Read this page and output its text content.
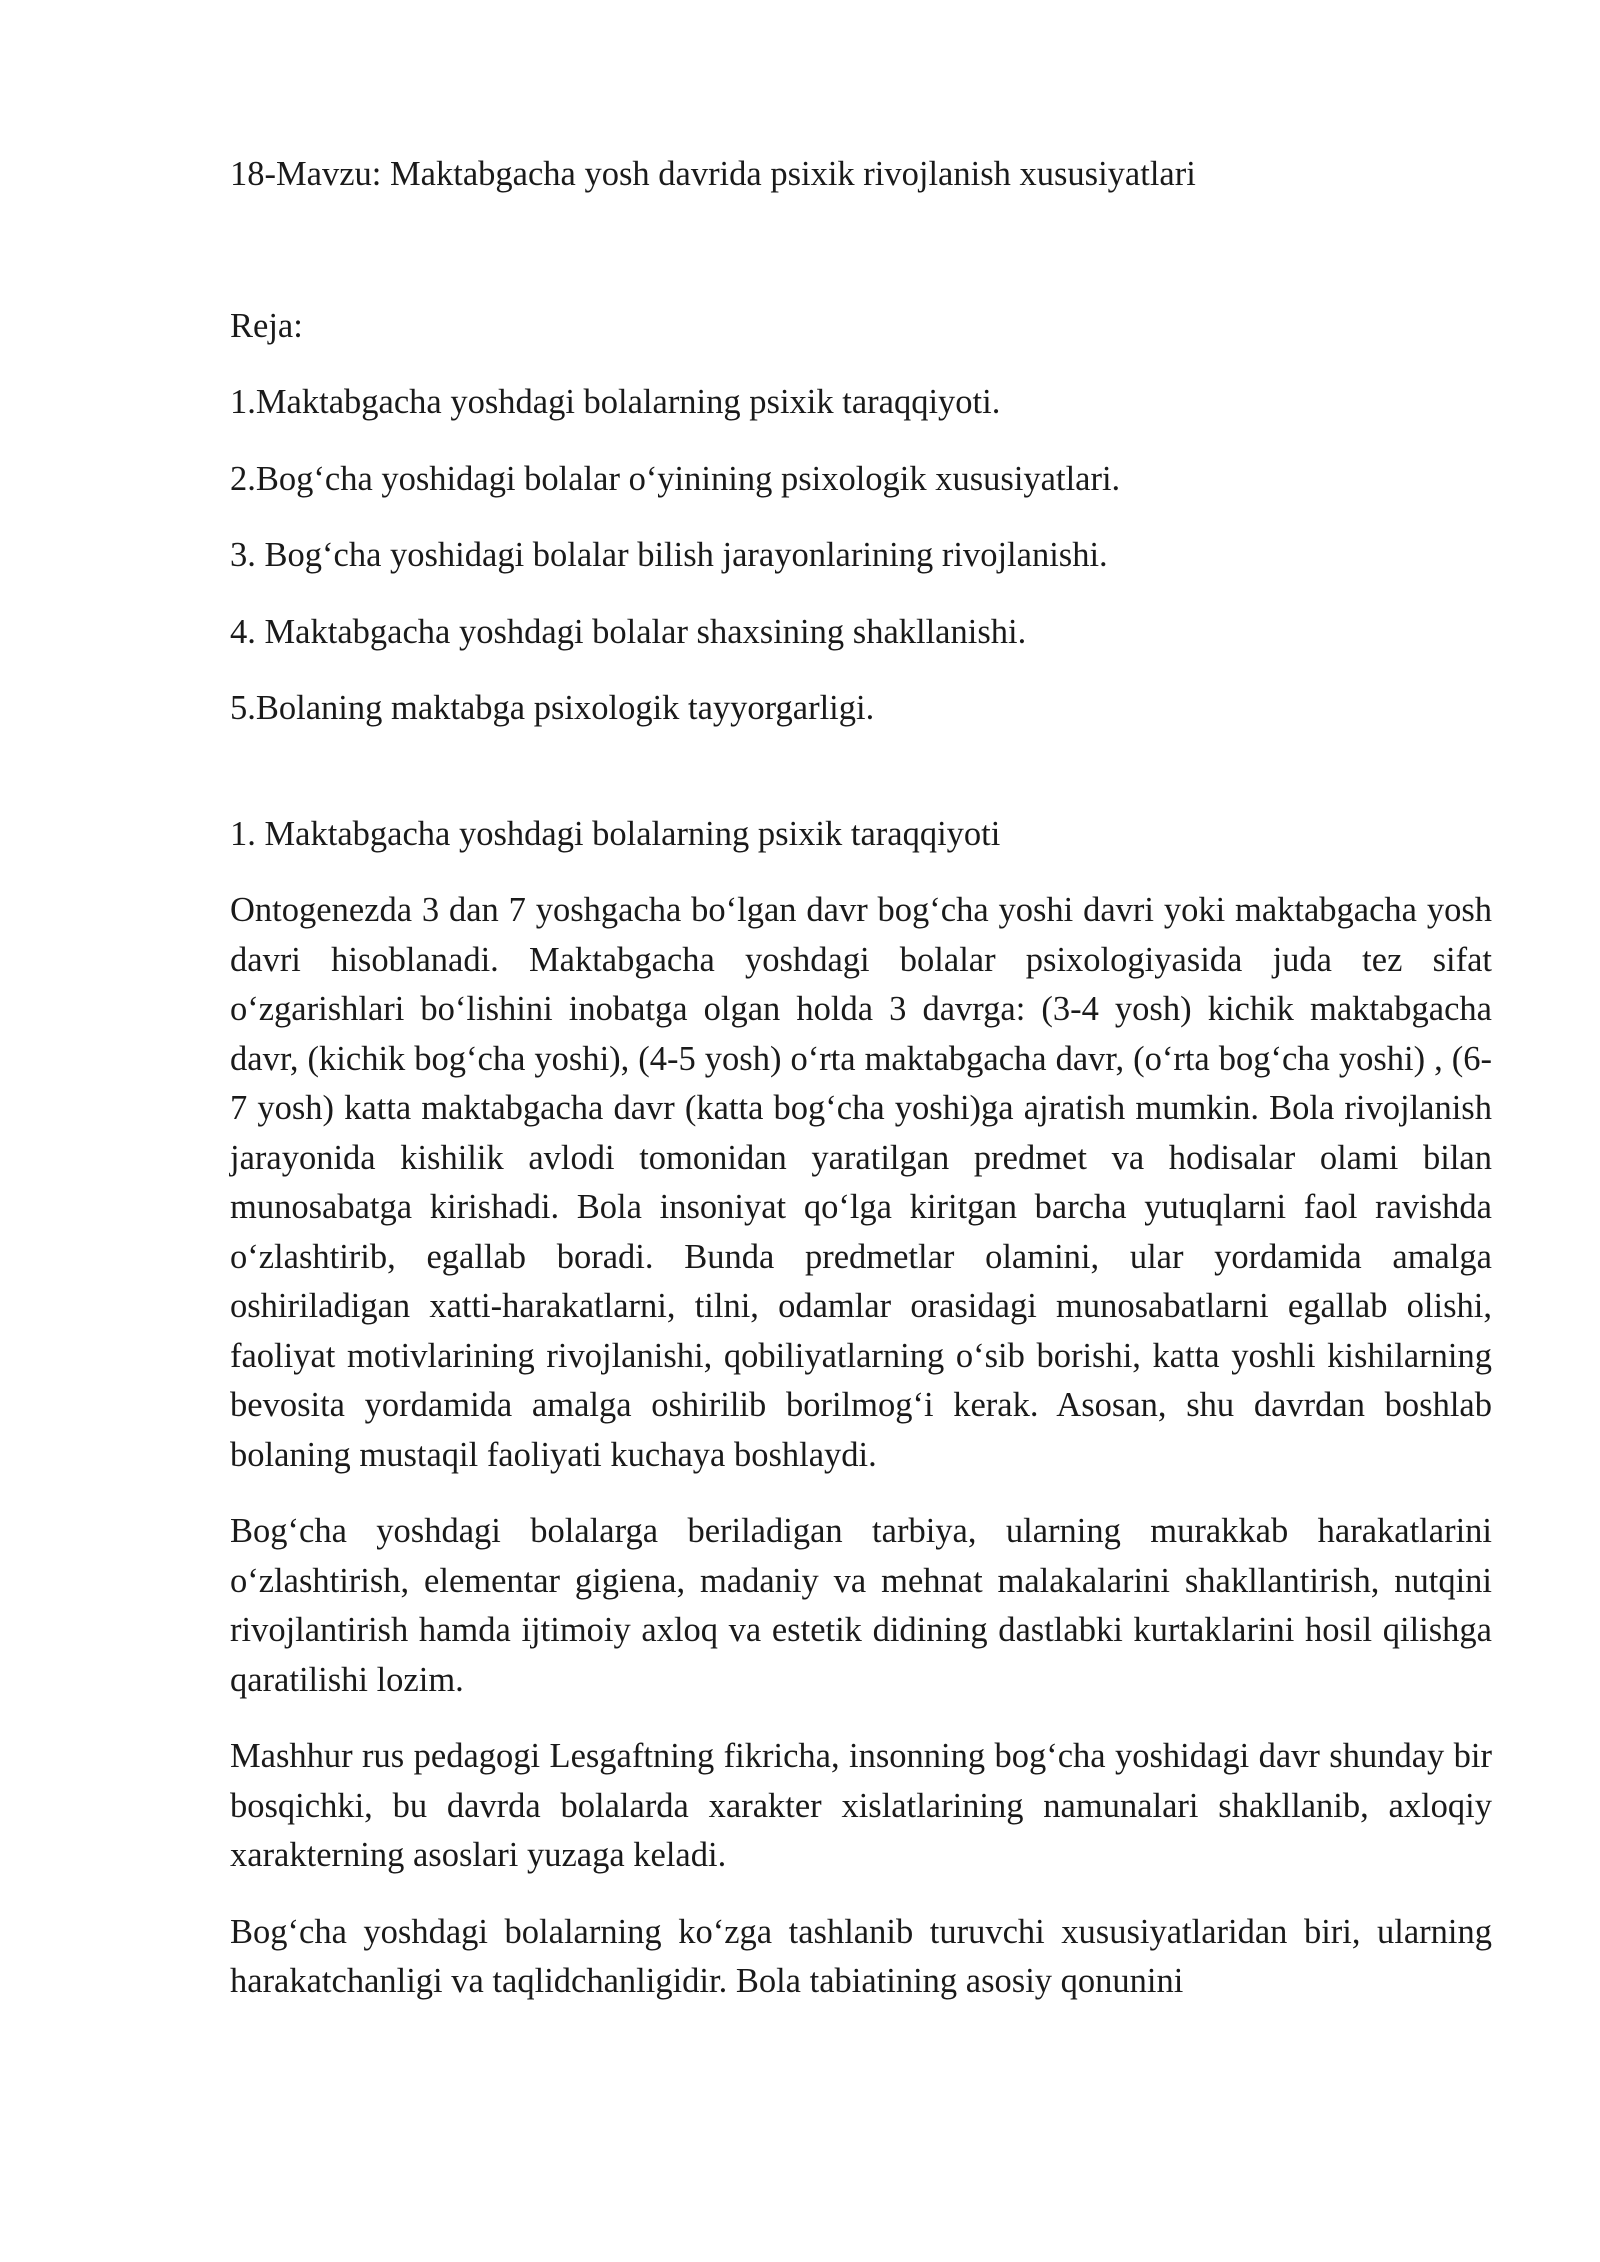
18-Mavzu: Maktabgacha yosh davrida psixik rivojlanish xususiyatlari

Reja:

1.Maktabgacha yoshdagi bolalarning psixik taraqqiyoti.
2.Bog‘cha yoshidagi bolalar o‘yinining psixologik xususiyatlari.
3. Bog‘cha yoshidagi bolalar bilish jarayonlarining rivojlanishi.
4. Maktabgacha yoshdagi bolalar shaxsining shakllanishi.
5.Bolaning maktabga psixologik tayyorgarligi.

1. Maktabgacha yoshdagi bolalarning psixik taraqqiyoti

Ontogenezda 3 dan 7 yoshgacha bo‘lgan davr bog‘cha yoshi davri yoki maktabgacha yosh davri hisoblanadi. Maktabgacha yoshdagi bolalar psixologiyasida juda tez sifat o‘zgarishlari bo‘lishini inobatga olgan holda 3 davrga: (3-4 yosh) kichik maktabgacha davr, (kichik bog‘cha yoshi), (4-5 yosh) o‘rta maktabgacha davr, (o‘rta bog‘cha yoshi) , (6-7 yosh) katta maktabgacha davr (katta bog‘cha yoshi)ga ajratish mumkin. Bola rivojlanish jarayonida kishilik avlodi tomonidan yaratilgan predmet va hodisalar olami bilan munosabatga kirishadi. Bola insoniyat qo‘lga kiritgan barcha yutuqlarni faol ravishda o‘zlashtirib, egallab boradi. Bunda predmetlar olamini, ular yordamida amalga oshiriladigan xatti-harakatlarni, tilni, odamlar orasidagi munosabatlarni egallab olishi, faoliyat motivlarining rivojlanishi, qobiliyatlarning o‘sib borishi, katta yoshli kishilarning bevosita yordamida amalga oshirilib borilmog‘i kerak. Asosan, shu davrdan boshlab bolaning mustaqil faoliyati kuchaya boshlaydi.

Bog‘cha yoshdagi bolalarga beriladigan tarbiya, ularning murakkab harakatlarini o‘zlashtirish, elementar gigiena, madaniy va mehnat malakalarini shakllantirish, nutqini rivojlantirish hamda ijtimoiy axloq va estetik didining dastlabki kurtaklarini hosil qilishga qaratilishi lozim.

Mashhur rus pedagogi Lesgaftning fikricha, insonning bog‘cha yoshidagi davr shunday bir bosqichki, bu davrda bolalarda xarakter xislatlarining namunalari shakllanib, axloqiy xarakterning asoslari yuzaga keladi.

Bog‘cha yoshdagi bolalarning ko‘zga tashlanib turuvchi xususiyatlaridan biri, ularning harakatchanligi va taqlidchanligidir. Bola tabiatining asosiy qonunini
